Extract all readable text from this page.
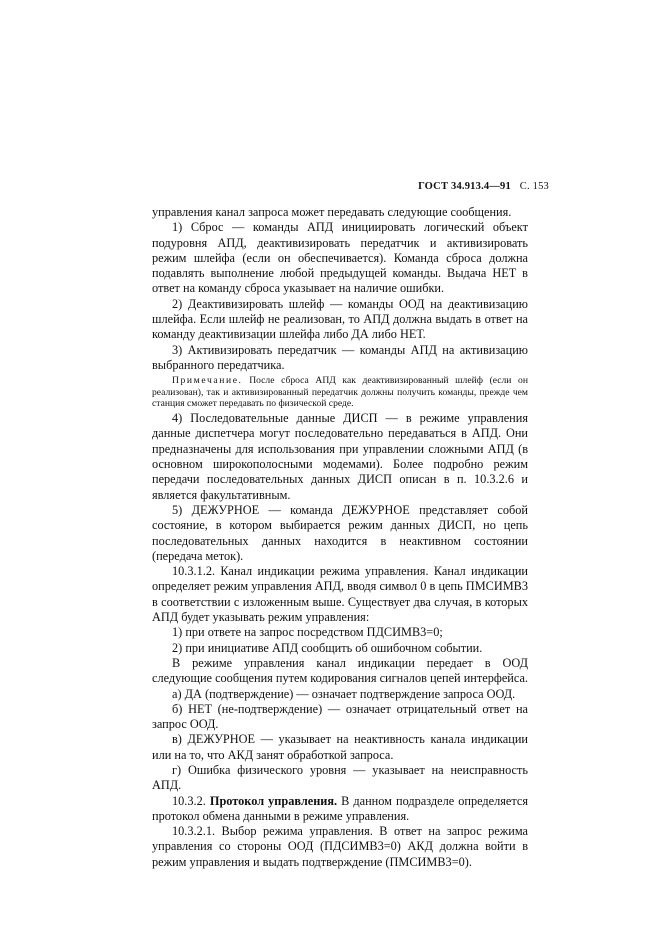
ГОСТ 34.913.4—91 С. 153

управления канал запроса может передавать следующие сообщения.

1) Сброс — команды АПД инициировать логический объект подуровня АПД, деактивизировать передатчик и активизировать режим шлейфа (если он обеспечивается). Команда сброса должна подавлять выполнение любой предыдущей команды. Выдача НЕТ в ответ на команду сброса указывает на наличие ошибки.

2) Деактивизировать шлейф — команды ООД на деактивизацию шлейфа. Если шлейф не реализован, то АПД должна выдать в ответ на команду деактивизации шлейфа либо ДА либо НЕТ.

3) Активизировать передатчик — команды АПД на активизацию выбранного передатчика.

Примечание. После сброса АПД как деактивизированный шлейф (если он реализован), так и активизированный передатчик должны получить команды, прежде чем станция сможет передавать по физической среде.

4) Последовательные данные ДИСП — в режиме управления данные диспетчера могут последовательно передаваться в АПД. Они предназначены для использования при управлении сложными АПД (в основном широкополосными модемами). Более подробно режим передачи последовательных данных ДИСП описан в п. 10.3.2.6 и является факультативным.

5) ДЕЖУРНОЕ — команда ДЕЖУРНОЕ представляет собой состояние, в котором выбирается режим данных ДИСП, но цепь последовательных данных находится в неактивном состоянии (передача меток).

10.3.1.2. Канал индикации режима управления. Канал индикации определяет режим управления АПД, вводя символ 0 в цепь ПМСИМВ3 в соответствии с изложенным выше. Существует два случая, в которых АПД будет указывать режим управления:

1) при ответе на запрос посредством ПДСИМВ3=0;

2) при инициативе АПД сообщить об ошибочном событии.

В режиме управления канал индикации передает в ООД следующие сообщения путем кодирования сигналов цепей интерфейса.

а) ДА (подтверждение) — означает подтверждение запроса ООД.

б) НЕТ (не-подтверждение) — означает отрицательный ответ на запрос ООД.

в) ДЕЖУРНОЕ — указывает на неактивность канала индикации или на то, что АКД занят обработкой запроса.

г) Ошибка физического уровня — указывает на неисправность АПД.

10.3.2. Протокол управления. В данном подразделе определяется протокол обмена данными в режиме управления.

10.3.2.1. Выбор режима управления. В ответ на запрос режима управления со стороны ООД (ПДСИМВ3=0) АКД должна войти в режим управления и выдать подтверждение (ПМСИМВ3=0).
